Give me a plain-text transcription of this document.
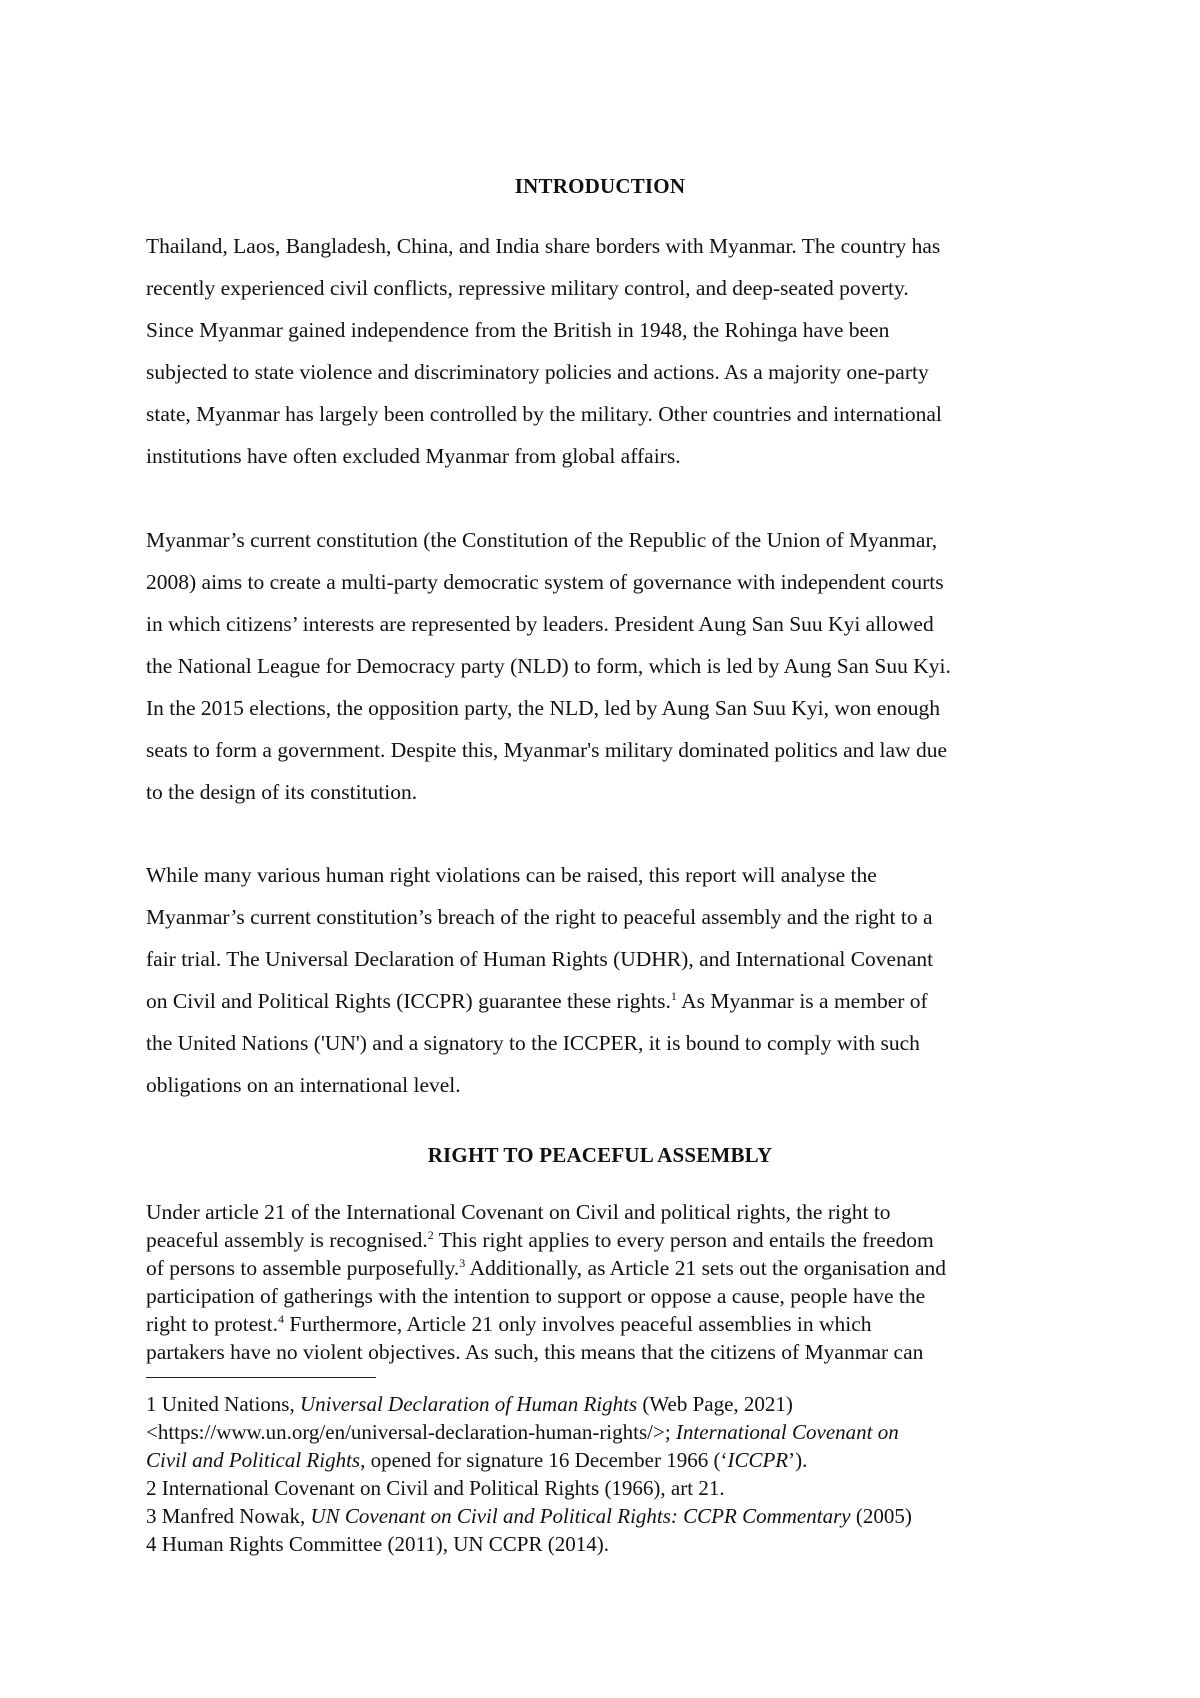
INTRODUCTION

Thailand, Laos, Bangladesh, China, and India share borders with Myanmar. The country has
recently experienced civil conflicts, repressive military control, and deep-seated poverty.
Since Myanmar gained independence from the British in 1948, the Rohinga have been
subjected to state violence and discriminatory policies and actions. As a majority one-party
state, Myanmar has largely been controlled by the military. Other countries and international
institutions have often excluded Myanmar from global affairs.

Myanmar’s current constitution (the Constitution of the Republic of the Union of Myanmar,
2008) aims to create a multi-party democratic system of governance with independent courts
in which citizens’ interests are represented by leaders. President Aung San Suu Kyi allowed
the National League for Democracy party (NLD) to form, which is led by Aung San Suu Kyi.
In the 2015 elections, the opposition party, the NLD, led by Aung San Suu Kyi, won enough
seats to form a government. Despite this, Myanmar's military dominated politics and law due
to the design of its constitution.

While many various human right violations can be raised, this report will analyse the
Myanmar’s current constitution’s breach of the right to peaceful assembly and the right to a
fair trial. The Universal Declaration of Human Rights (UDHR), and International Covenant
on Civil and Political Rights (ICCPR) guarantee these rights.$^1$ As Myanmar is a member of
the United Nations ('UN') and a signatory to the ICCPER, it is bound to comply with such
obligations on an international level.

RIGHT TO PEACEFUL ASSEMBLY

Under article 21 of the International Covenant on Civil and political rights, the right to
peaceful assembly is recognised.$^2$ This right applies to every person and entails the freedom
of persons to assemble purposefully.$^3$ Additionally, as Article 21 sets out the organisation and
participation of gatherings with the intention to support or oppose a cause, people have the
right to protest.$^4$ Furthermore, Article 21 only involves peaceful assemblies in which
partakers have no violent objectives. As such, this means that the citizens of Myanmar can

1 United Nations, Universal Declaration of Human Rights (Web Page, 2021)
<https://www.un.org/en/universal-declaration-human-rights/>; International Covenant on
Civil and Political Rights, opened for signature 16 December 1966 (‘ICCPR’).
2 International Covenant on Civil and Political Rights (1966), art 21.
3 Manfred Nowak, UN Covenant on Civil and Political Rights: CCPR Commentary (2005)
4 Human Rights Committee (2011), UN CCPR (2014).
